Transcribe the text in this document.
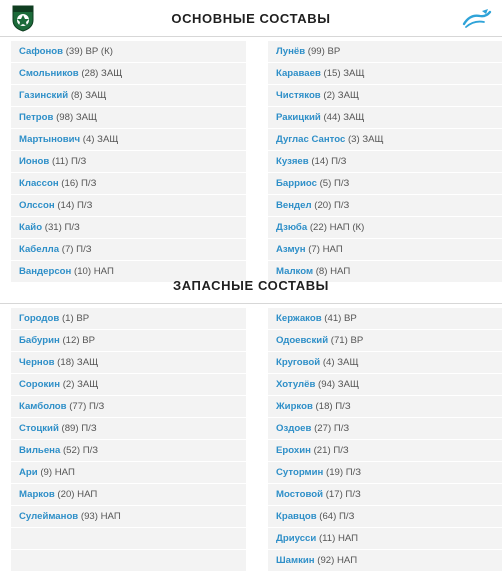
ОСНОВНЫЕ СОСТАВЫ
Сафонов (39) ВР (К)
Смольников (28) ЗАЩ
Газинский (8) ЗАЩ
Петров (98) ЗАЩ
Мартынович (4) ЗАЩ
Ионов (11) П/З
Классон (16) П/З
Олссон (14) П/З
Кайо (31) П/З
Кабелла (7) П/З
Вандерсон (10) НАП
Лунёв (99) ВР
Караваев (15) ЗАЩ
Чистяков (2) ЗАЩ
Ракицкий (44) ЗАЩ
Дуглас Сантос (3) ЗАЩ
Кузяев (14) П/З
Барриос (5) П/З
Вендел (20) П/З
Дзюба (22) НАП (К)
Азмун (7) НАП
Малком (8) НАП
ЗАПАСНЫЕ СОСТАВЫ
Городов (1) ВР
Бабурин (12) ВР
Чернов (18) ЗАЩ
Сорокин (2) ЗАЩ
Камболов (77) П/З
Стоцкий (89) П/З
Вильена (52) П/З
Ари (9) НАП
Марков (20) НАП
Сулейманов (93) НАП
Кержаков (41) ВР
Одоевский (71) ВР
Круговой (4) ЗАЩ
Хотулёв (94) ЗАЩ
Жирков (18) П/З
Оздоев (27) П/З
Ерохин (21) П/З
Сутормин (19) П/З
Мостовой (17) П/З
Кравцов (64) П/З
Дриусси (11) НАП
Шамкин (92) НАП
